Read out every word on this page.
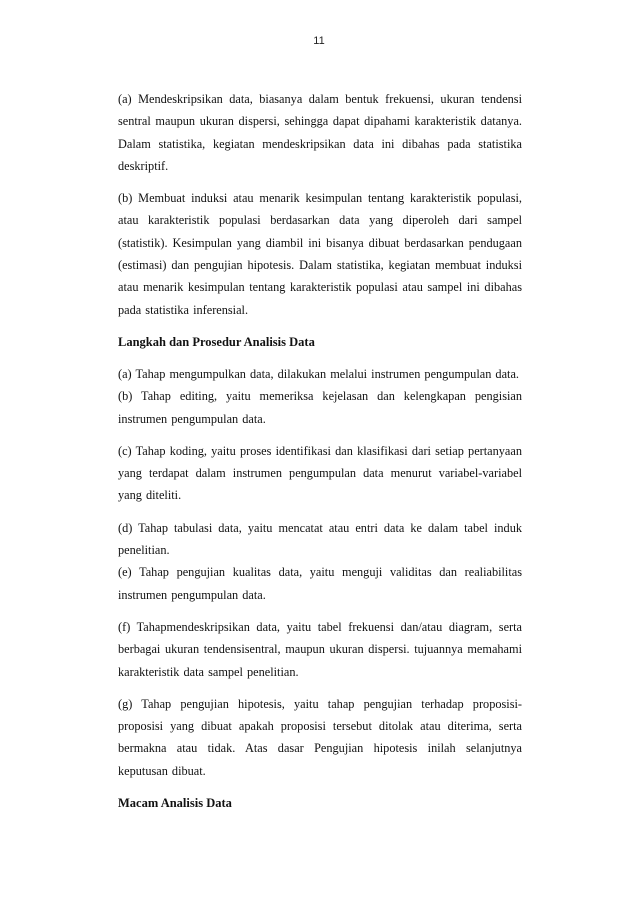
11

(a) Mendeskripsikan data, biasanya dalam bentuk frekuensi, ukuran tendensi sentral maupun ukuran dispersi, sehingga dapat dipahami karakteristik datanya. Dalam statistika, kegiatan mendeskripsikan data ini dibahas pada statistika deskriptif.

(b) Membuat induksi atau menarik kesimpulan tentang karakteristik populasi, atau karakteristik populasi berdasarkan data yang diperoleh dari sampel (statistik). Kesimpulan yang diambil ini bisanya dibuat berdasarkan pendugaan (estimasi) dan pengujian hipotesis. Dalam statistika, kegiatan membuat induksi atau menarik kesimpulan tentang karakteristik populasi atau sampel ini dibahas pada statistika inferensial.

Langkah dan Prosedur Analisis Data

(a) Tahap mengumpulkan data, dilakukan melalui instrumen pengumpulan data.

(b) Tahap editing, yaitu memeriksa kejelasan dan kelengkapan pengisian instrumen pengumpulan data.

(c) Tahap koding, yaitu proses identifikasi dan klasifikasi dari setiap pertanyaan yang terdapat dalam instrumen pengumpulan data menurut variabel-variabel yang diteliti.

(d) Tahap tabulasi data, yaitu mencatat atau entri data ke dalam tabel induk penelitian.

(e) Tahap pengujian kualitas data, yaitu menguji validitas dan realiabilitas instrumen pengumpulan data.

(f) Tahapmendeskripsikan data, yaitu tabel frekuensi dan/atau diagram, serta berbagai ukuran tendensisentral, maupun ukuran dispersi. tujuannya memahami karakteristik data sampel penelitian.

(g) Tahap pengujian hipotesis, yaitu tahap pengujian terhadap proposisi-proposisi yang dibuat apakah proposisi tersebut ditolak atau diterima, serta bermakna atau tidak. Atas dasar Pengujian hipotesis inilah selanjutnya keputusan dibuat.

Macam Analisis Data
